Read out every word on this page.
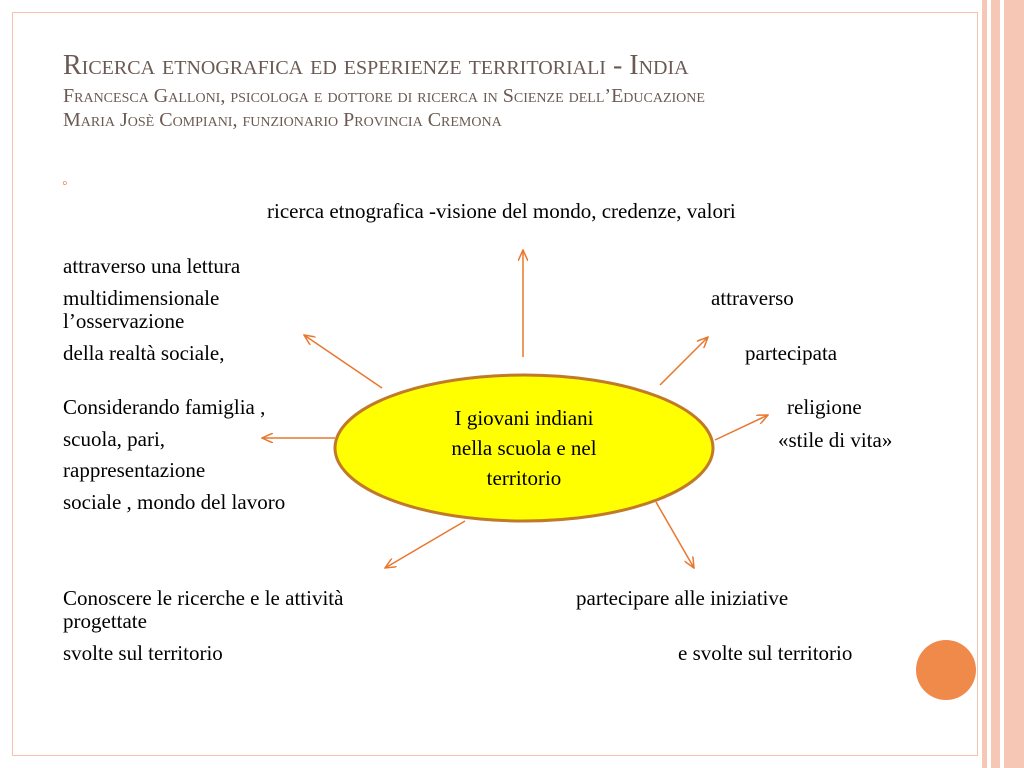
Ricerca etnografica ed esperienze territoriali - India
Francesca Galloni, psicologa e dottore di ricerca in Scienze dell’Educazione
Maria Josè Compiani, funzionario Provincia Cremona
◦
I giovani indiani
nella scuola e nel
territorio
ricerca etnografica -visione del mondo, credenze, valori
attraverso una lettura
multidimensionale
l’osservazione
della realtà sociale,
attraverso
partecipata
Considerando famiglia ,
scuola, pari,
rappresentazione
sociale , mondo del lavoro
religione
«stile di vita»
Conoscere le ricerche e le attività
progettate
svolte sul territorio
partecipare alle iniziative
e svolte sul territorio
